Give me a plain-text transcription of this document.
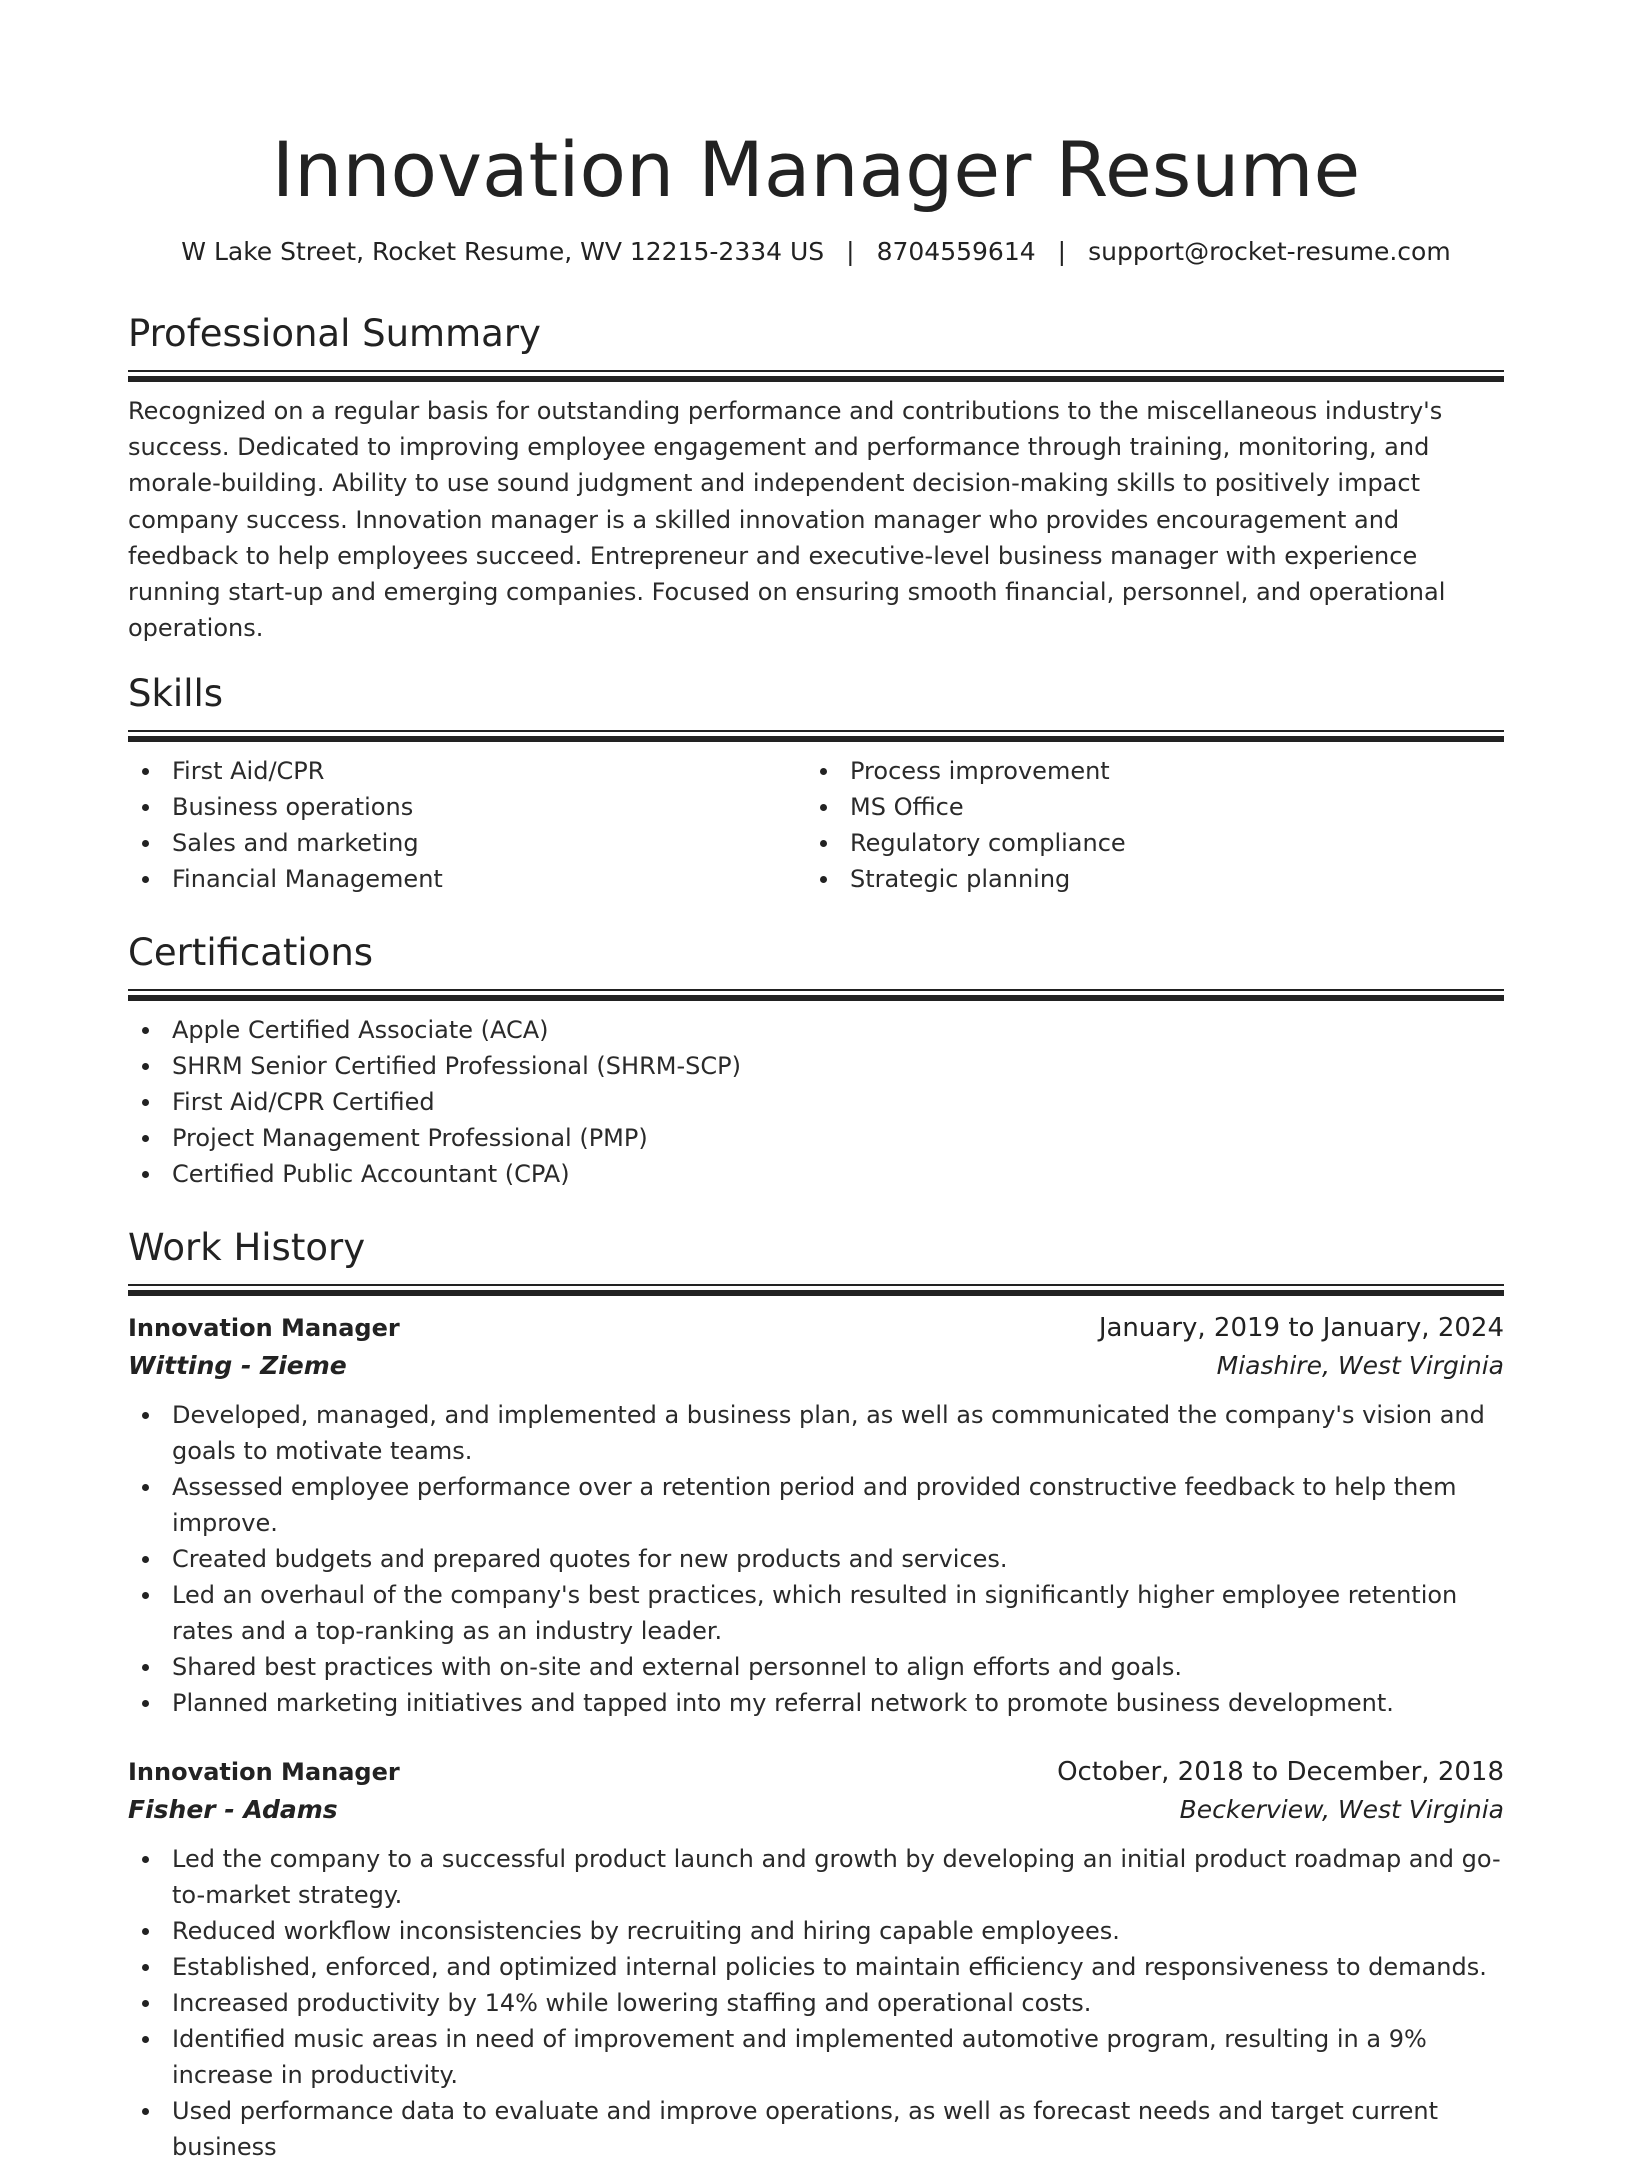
Innovation Manager Resume
W Lake Street, Rocket Resume, WV 12215-2334 US | 8704559614 | support@rocket-resume.com
Professional Summary

Recognized on a regular basis for outstanding performance and contributions to the miscellaneous industry's success. Dedicated to improving employee engagement and performance through training, monitoring, and morale-building. Ability to use sound judgment and independent decision-making skills to positively impact company success. Innovation manager is a skilled innovation manager who provides encouragement and feedback to help employees succeed. Entrepreneur and executive-level business manager with experience running start-up and emerging companies. Focused on ensuring smooth financial, personnel, and operational operations.

Skills
First Aid/CPR
Business operations
Sales and marketing
Financial Management
Process improvement
MS Office
Regulatory compliance
Strategic planning
Certifications
Apple Certified Associate (ACA)
SHRM Senior Certified Professional (SHRM-SCP)
First Aid/CPR Certified
Project Management Professional (PMP)
Certified Public Accountant (CPA)
Work History
Innovation Manager	January, 2019 to January, 2024
Witting - Zieme	Miashire, West Virginia
Developed, managed, and implemented a business plan, as well as communicated the company's vision and goals to motivate teams.
Assessed employee performance over a retention period and provided constructive feedback to help them improve.
Created budgets and prepared quotes for new products and services.
Led an overhaul of the company's best practices, which resulted in significantly higher employee retention rates and a top-ranking as an industry leader.
Shared best practices with on-site and external personnel to align efforts and goals.
Planned marketing initiatives and tapped into my referral network to promote business development.
Innovation Manager	October, 2018 to December, 2018
Fisher - Adams	Beckerview, West Virginia
Led the company to a successful product launch and growth by developing an initial product roadmap and go-to-market strategy.
Reduced workflow inconsistencies by recruiting and hiring capable employees.
Established, enforced, and optimized internal policies to maintain efficiency and responsiveness to demands.
Increased productivity by 14% while lowering staffing and operational costs.
Identified music areas in need of improvement and implemented automotive program, resulting in a 9% increase in productivity.
Used performance data to evaluate and improve operations, as well as forecast needs and target current business
